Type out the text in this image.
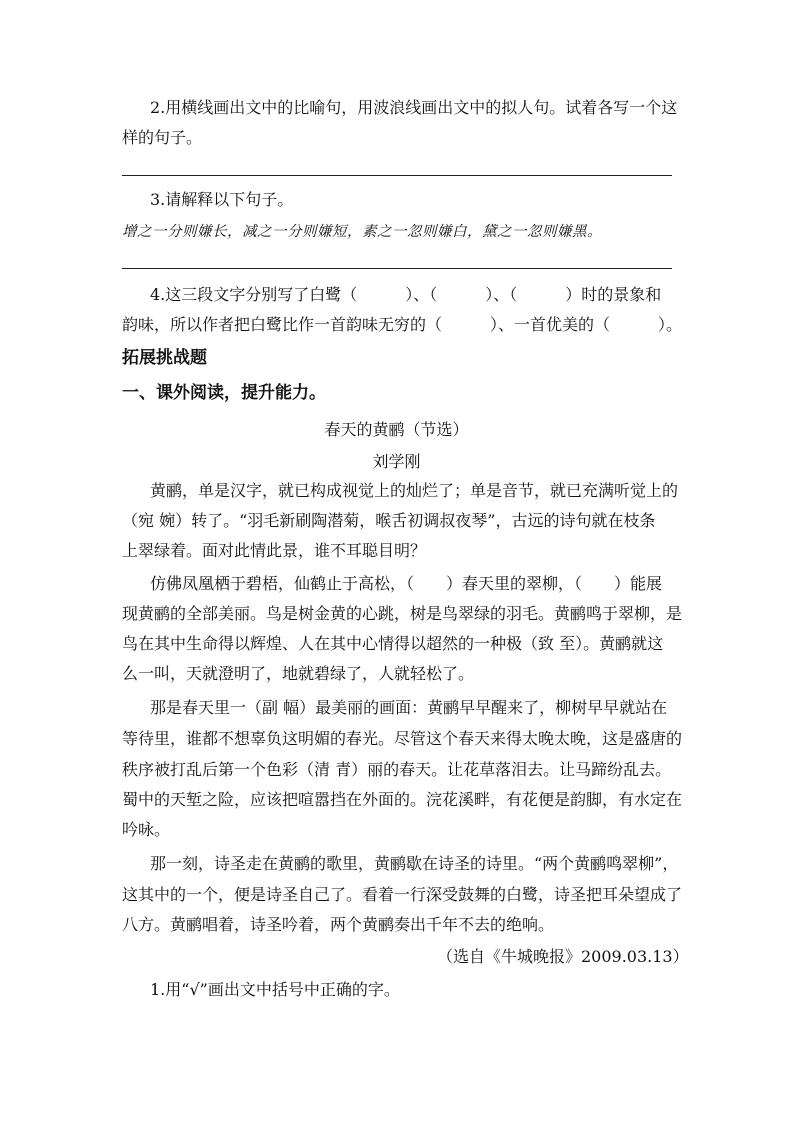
2.用横线画出文中的比喻句，用波浪线画出文中的拟人句。试着各写一个这
样的句子。
3.请解释以下句子。
增之一分则嫌长，减之一分则嫌短，素之一忽则嫌白，黛之一忽则嫌黑。
4.这三段文字分别写了白鹭（　　　）、（　　　）、（　　　）时的景象和
韵味，所以作者把白鹭比作一首韵味无穷的（　　　）、一首优美的（　　　）。
拓展挑战题
一、课外阅读，提升能力。
春天的黄鹂（节选）
刘学刚
黄鹂，单是汉字，就已构成视觉上的灿烂了；单是音节，就已充满听觉上的
（宛 婉）转了。“羽毛新刷陶潜菊，喉舌初调叔夜琴”，古远的诗句就在枝条
上翠绿着。面对此情此景，谁不耳聪目明？
仿佛凤凰栖于碧梧，仙鹤止于高松，（　　）春天里的翠柳，（　　）能展
现黄鹂的全部美丽。鸟是树金黄的心跳，树是鸟翠绿的羽毛。黄鹂鸣于翠柳，是
鸟在其中生命得以辉煌、人在其中心情得以超然的一种极（致 至）。黄鹂就这
么一叫，天就澄明了，地就碧绿了，人就轻松了。
那是春天里一（副 幅）最美丽的画面：黄鹂早早醒来了，柳树早早就站在
等待里，谁都不想辜负这明媚的春光。尽管这个春天来得太晚太晚，这是盛唐的
秩序被打乱后第一个色彩（清 青）丽的春天。让花草落泪去。让马蹄纷乱去。
蜀中的天堑之险，应该把喧嚣挡在外面的。浣花溪畔，有花便是韵脚，有水定在
吟咏。
那一刻，诗圣走在黄鹂的歌里，黄鹂歇在诗圣的诗里。“两个黄鹂鸣翠柳”，
这其中的一个，便是诗圣自己了。看着一行深受鼓舞的白鹭，诗圣把耳朵望成了
八方。黄鹂唱着，诗圣吟着，两个黄鹂奏出千年不去的绝响。
（选自《牛城晚报》2009.03.13）
1.用“√”画出文中括号中正确的字。
